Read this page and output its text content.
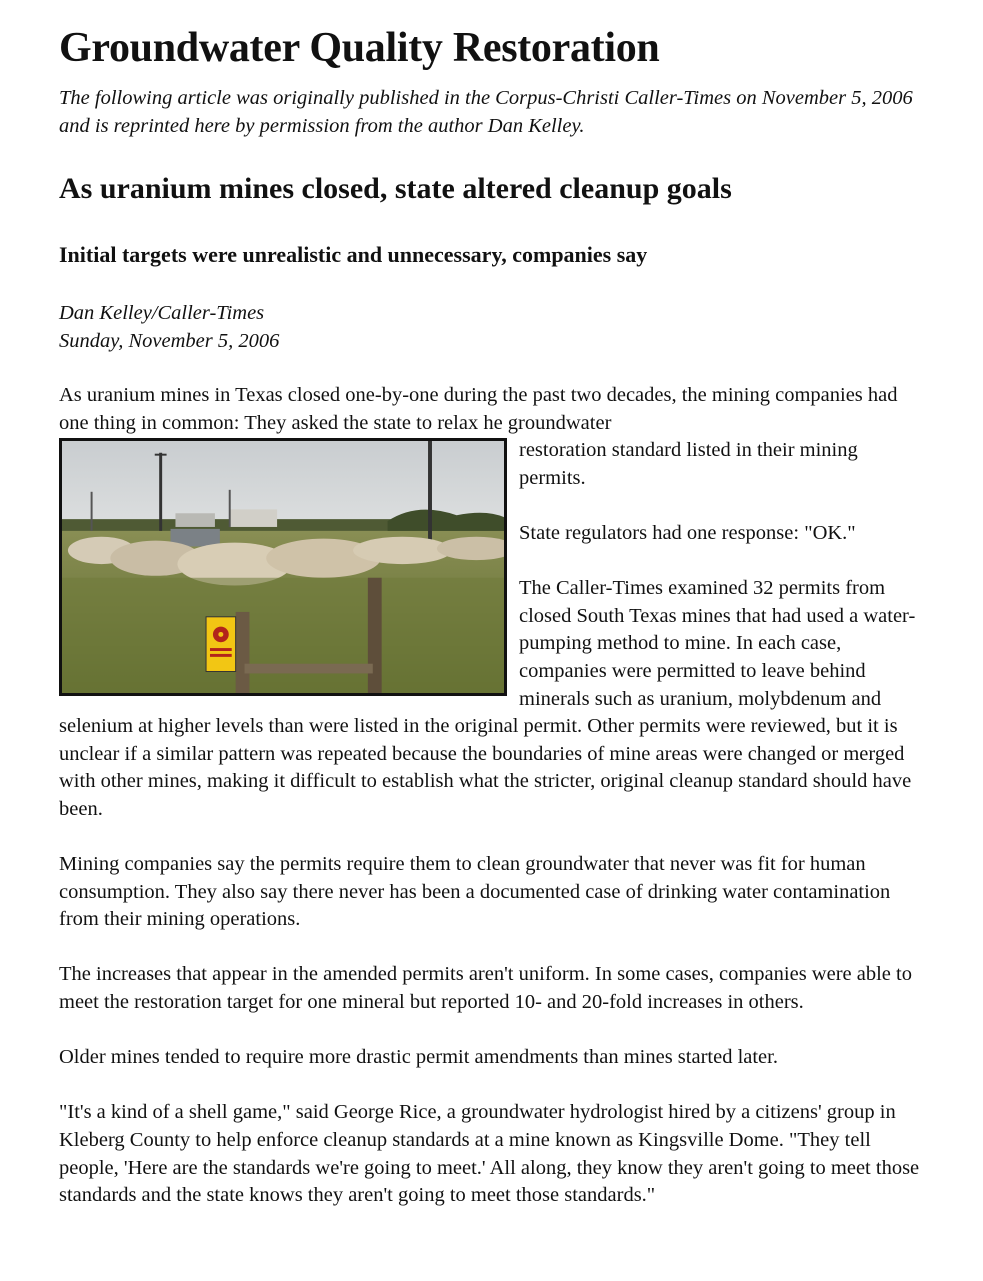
Groundwater Quality Restoration

The following article was originally published in the Corpus-Christi Caller-Times on November 5, 2006 and is reprinted here by permission from the author Dan Kelley.

As uranium mines closed, state altered cleanup goals
Initial targets were unrealistic and unnecessary, companies say

Dan Kelley/Caller-Times
Sunday, November 5, 2006

As uranium mines in Texas closed one-by-one during the past two decades, the mining companies had one thing in common: They asked the state to relax he groundwater

restoration standard listed in their mining permits.

State regulators had one response: "OK."

The Caller-Times examined 32 permits from closed South Texas mines that had used a water-pumping method to mine. In each case, companies were permitted to leave behind minerals such as uranium, molybdenum and selenium at higher levels than were listed in the original permit. Other permits were reviewed, but it is unclear if a similar pattern was repeated because the boundaries of mine areas were changed or merged with other mines, making it difficult to establish what the stricter, original cleanup standard should have been.

Mining companies say the permits require them to clean groundwater that never was fit for human consumption. They also say there never has been a documented case of drinking water contamination from their mining operations.

The increases that appear in the amended permits aren't uniform. In some cases, companies were able to meet the restoration target for one mineral but reported 10- and 20-fold increases in others.

Older mines tended to require more drastic permit amendments than mines started later.

"It's a kind of a shell game," said George Rice, a groundwater hydrologist hired by a citizens' group in Kleberg County to help enforce cleanup standards at a mine known as Kingsville Dome. "They tell people, 'Here are the standards we're going to meet.' All along, they know they aren't going to meet those standards and the state knows they aren't going to meet those standards."
